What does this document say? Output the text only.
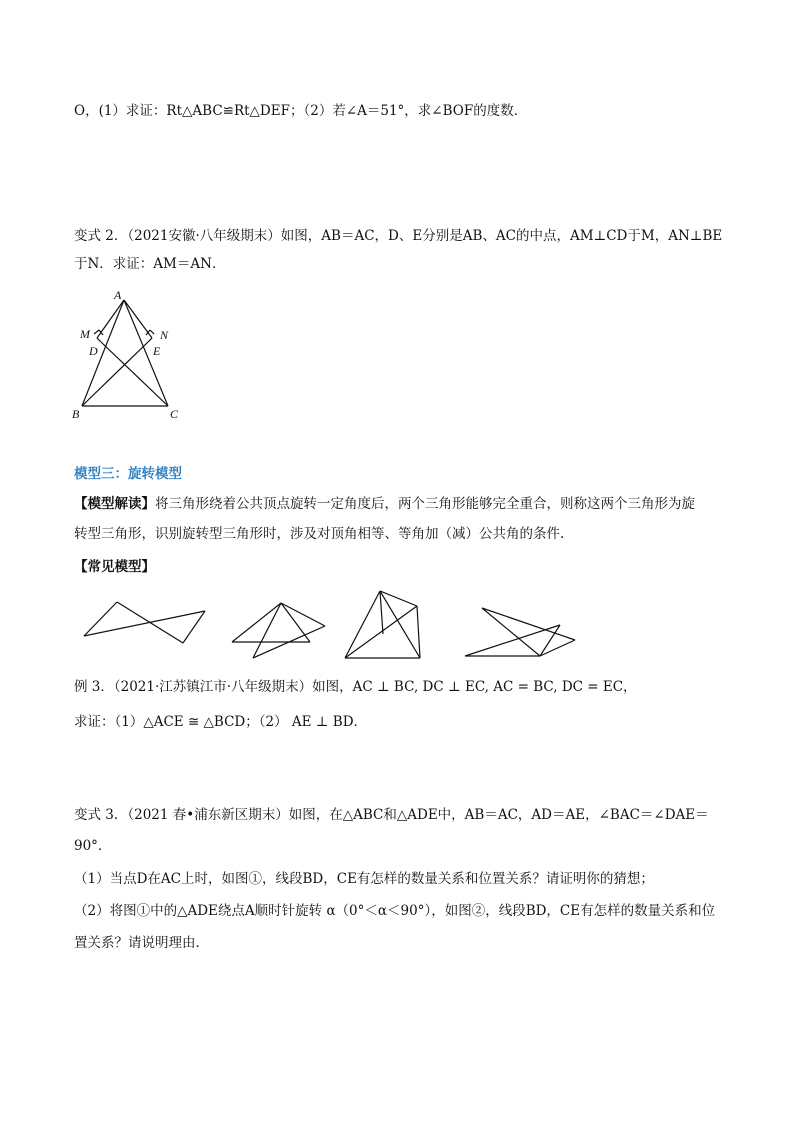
O，(1）求证：Rt△ABC≌Rt△DEF；（2）若∠A＝51°，求∠BOF的度数．
变式 2．（2021安徽·八年级期末）如图，AB＝AC，D、E分别是AB、AC的中点，AM⊥CD于M，AN⊥BE
于N．求证：AM＝AN．
A
M	N
D	E
B	C
模型三：旋转模型
【模型解读】将三角形绕着公共顶点旋转一定角度后，两个三角形能够完全重合，则称这两个三角形为旋
转型三角形，识别旋转型三角形时，涉及对顶角相等、等角加（减）公共角的条件.
【常见模型】
例 3．（2021·江苏镇江市·八年级期末）如图，AC ⊥ BC, DC ⊥ EC, AC = BC, DC = EC，
求证：（1）△ACE ≅ △BCD；（2） AE ⊥ BD．
变式 3．（2021 春•浦东新区期末）如图，在△ABC和△ADE中，AB＝AC，AD＝AE，∠BAC＝∠DAE＝
90°．
（1）当点D在AC上时，如图①，线段BD，CE有怎样的数量关系和位置关系？请证明你的猜想；
（2）将图①中的△ADE绕点A顺时针旋转 α（0°＜α＜90°），如图②，线段BD，CE有怎样的数量关系和位
置关系？请说明理由．
